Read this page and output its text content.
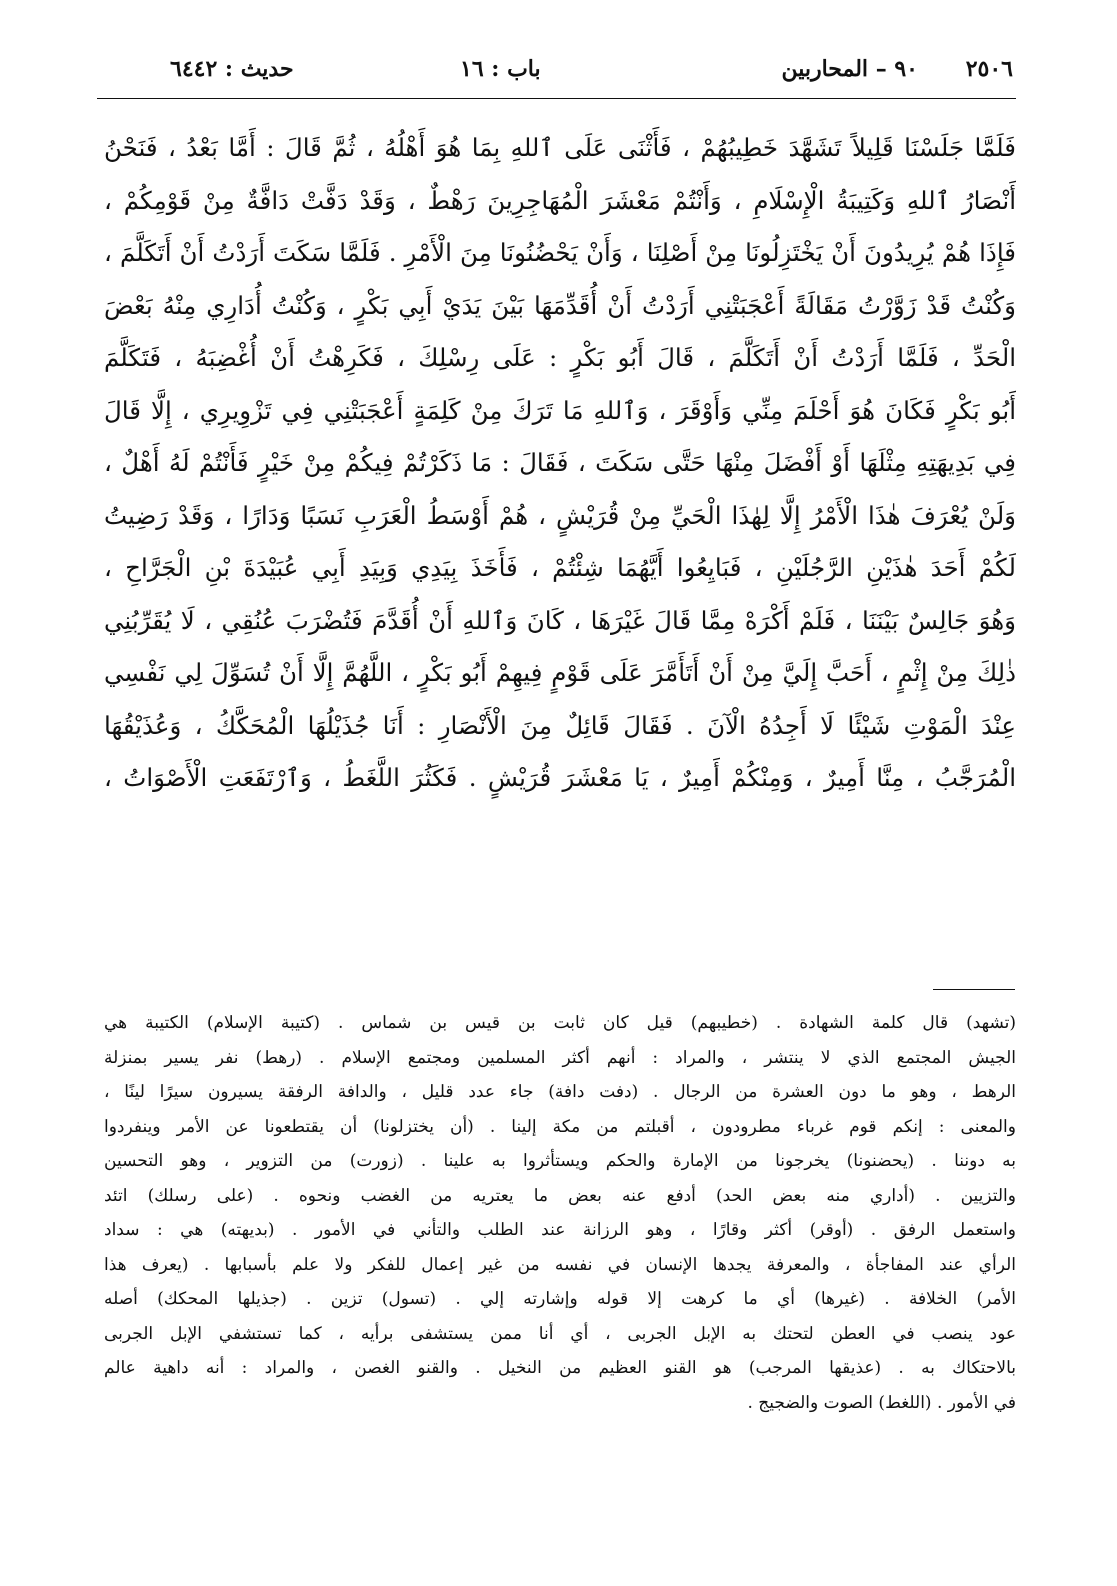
٢٥٠٦
٩٠ – المحاربين
باب : ١٦
حديث : ٦٤٤٢
فَلَمَّا جَلَسْنَا قَلِيلاً تَشَهَّدَ خَطِيبُهُمْ ، فَأَثْنَى عَلَى ٱللهِ بِمَا هُوَ أَهْلُهُ ، ثُمَّ قَالَ : أَمَّا بَعْدُ ، فَنَحْنُ
أَنْصَارُ ٱللهِ وَكَتِيبَةُ الْإِسْلَامِ ، وَأَنْتُمْ مَعْشَرَ الْمُهَاجِرِينَ رَهْطٌ ، وَقَدْ دَفَّتْ دَافَّةٌ مِنْ قَوْمِكُمْ ،
فَإِذَا هُمْ يُرِيدُونَ أَنْ يَخْتَزِلُونَا مِنْ أَصْلِنَا ، وَأَنْ يَحْضُنُونَا مِنَ الْأَمْرِ . فَلَمَّا سَكَتَ أَرَدْتُ أَنْ أَتَكَلَّمَ ،
وَكُنْتُ قَدْ زَوَّرْتُ مَقَالَةً أَعْجَبَتْنِي أَرَدْتُ أَنْ أُقَدِّمَهَا بَيْنَ يَدَيْ أَبِي بَكْرٍ ، وَكُنْتُ أُدَارِي مِنْهُ بَعْضَ
الْحَدِّ ، فَلَمَّا أَرَدْتُ أَنْ أَتَكَلَّمَ ، قَالَ أَبُو بَكْرٍ : عَلَى رِسْلِكَ ، فَكَرِهْتُ أَنْ أُغْضِبَهُ ، فَتَكَلَّمَ
أَبُو بَكْرٍ فَكَانَ هُوَ أَحْلَمَ مِنِّي وَأَوْقَرَ ، وَٱللهِ مَا تَرَكَ مِنْ كَلِمَةٍ أَعْجَبَتْنِي فِي تَزْوِيرِي ، إِلَّا قَالَ
فِي بَدِيهَتِهِ مِثْلَهَا أَوْ أَفْضَلَ مِنْهَا حَتَّى سَكَتَ ، فَقَالَ : مَا ذَكَرْتُمْ فِيكُمْ مِنْ خَيْرٍ فَأَنْتُمْ لَهُ أَهْلٌ ،
وَلَنْ يُعْرَفَ هٰذَا الْأَمْرُ إِلَّا لِهٰذَا الْحَيِّ مِنْ قُرَيْشٍ ، هُمْ أَوْسَطُ الْعَرَبِ نَسَبًا وَدَارًا ، وَقَدْ رَضِيتُ
لَكُمْ أَحَدَ هٰذَيْنِ الرَّجُلَيْنِ ، فَبَايِعُوا أَيَّهُمَا شِئْتُمْ ، فَأَخَذَ بِيَدِي وَبِيَدِ أَبِي عُبَيْدَةَ بْنِ الْجَرَّاحِ ،
وَهُوَ جَالِسٌ بَيْنَنَا ، فَلَمْ أَكْرَهْ مِمَّا قَالَ غَيْرَهَا ، كَانَ وَٱللهِ أَنْ أُقَدَّمَ فَتُضْرَبَ عُنُقِي ، لَا يُقَرِّبُنِي
ذٰلِكَ مِنْ إِثْمٍ ، أَحَبَّ إِلَيَّ مِنْ أَنْ أَتَأَمَّرَ عَلَى قَوْمٍ فِيهِمْ أَبُو بَكْرٍ ، اللَّهُمَّ إِلَّا أَنْ تُسَوِّلَ لِي نَفْسِي
عِنْدَ الْمَوْتِ شَيْئًا لَا أَجِدُهُ الْآنَ . فَقَالَ قَائِلٌ مِنَ الْأَنْصَارِ : أَنَا جُذَيْلُهَا الْمُحَكَّكُ ، وَعُذَيْقُهَا
الْمُرَجَّبُ ، مِنَّا أَمِيرٌ ، وَمِنْكُمْ أَمِيرٌ ، يَا مَعْشَرَ قُرَيْشٍ . فَكَثُرَ اللَّغَطُ ، وَٱرْتَفَعَتِ الْأَصْوَاتُ ،
(تشهد) قال كلمة الشهادة . (خطيبهم) قيل كان ثابت بن قيس بن شماس . (كتيبة الإسلام) الكتيبة هي
الجيش المجتمع الذي لا ينتشر ، والمراد : أنهم أكثر المسلمين ومجتمع الإسلام . (رهط) نفر يسير بمنزلة
الرهط ، وهو ما دون العشرة من الرجال . (دفت دافة) جاء عدد قليل ، والدافة الرفقة يسيرون سيرًا لينًا ،
والمعنى : إنكم قوم غرباء مطرودون ، أقبلتم من مكة إلينا . (أن يختزلونا) أن يقتطعونا عن الأمر وينفردوا
به دوننا . (يحضنونا) يخرجونا من الإمارة والحكم ويستأثروا به علينا . (زورت) من التزوير ، وهو التحسين
والتزيين . (أداري منه بعض الحد) أدفع عنه بعض ما يعتريه من الغضب ونحوه . (على رسلك) اتئد
واستعمل الرفق . (أوقر) أكثر وقارًا ، وهو الرزانة عند الطلب والتأني في الأمور . (بديهته) هي : سداد
الرأي عند المفاجأة ، والمعرفة يجدها الإنسان في نفسه من غير إعمال للفكر ولا علم بأسبابها . (يعرف هذا
الأمر) الخلافة . (غيرها) أي ما كرهت إلا قوله وإشارته إلي . (تسول) تزين . (جذيلها المحكك) أصله
عود ينصب في العطن لتحتك به الإبل الجربى ، أي أنا ممن يستشفى برأيه ، كما تستشفي الإبل الجربى
بالاحتكاك به . (عذيقها المرجب) هو القنو العظيم من النخيل . والقنو الغصن ، والمراد : أنه داهية عالم
في الأمور . (اللغط) الصوت والضجيج .
